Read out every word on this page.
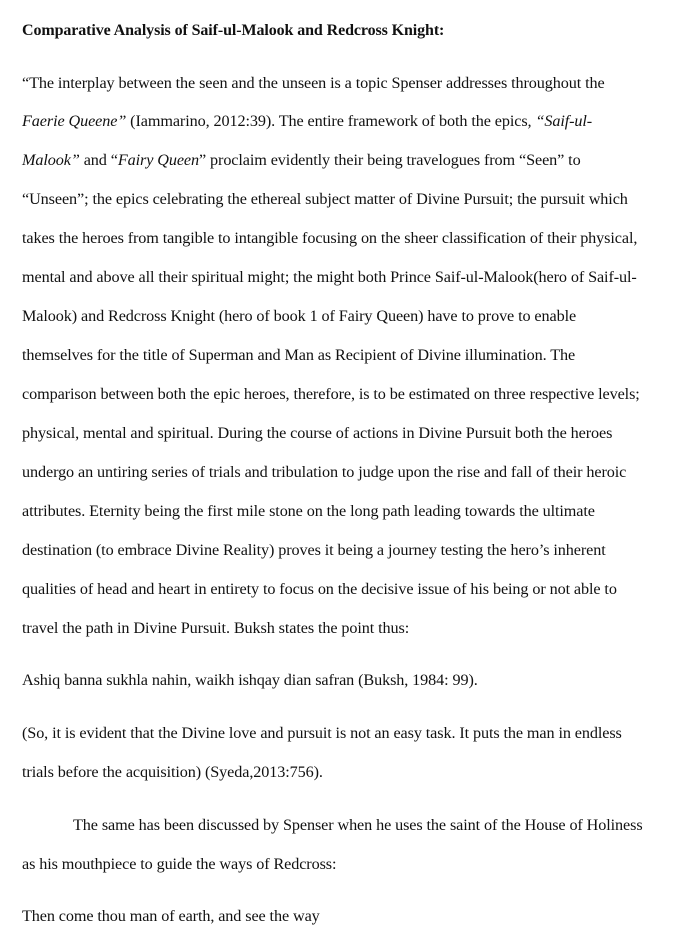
Comparative Analysis of Saif-ul-Malook and Redcross Knight:
“The interplay between the seen and the unseen is a topic Spenser addresses throughout the
Faerie Queene” (Iammarino, 2012:39). The entire framework of both the epics, “Saif-ul-
Malook” and “Fairy Queen” proclaim evidently their being travelogues from “Seen” to
“Unseen”; the epics celebrating the ethereal subject matter of Divine Pursuit; the pursuit which
takes the heroes from tangible to intangible focusing on the sheer classification of their physical,
mental and above all their spiritual might; the might both Prince Saif-ul-Malook(hero of Saif-ul-
Malook) and Redcross Knight (hero of book 1 of Fairy Queen) have to prove to enable
themselves for the title of Superman and Man as Recipient of Divine illumination. The
comparison between both the epic heroes, therefore, is to be estimated on three respective levels;
physical, mental and spiritual. During the course of actions in Divine Pursuit both the heroes
undergo an untiring series of trials and tribulation to judge upon the rise and fall of their heroic
attributes. Eternity being the first mile stone on the long path leading towards the ultimate
destination (to embrace Divine Reality) proves it being a journey testing the hero’s inherent
qualities of head and heart in entirety to focus on the decisive issue of his being or not able to
travel the path in Divine Pursuit. Buksh states the point thus:
Ashiq banna sukhla nahin, waikh ishqay dian safran (Buksh, 1984: 99).
(So, it is evident that the Divine love and pursuit is not an easy task. It puts the man in endless
trials before the acquisition) (Syeda,2013:756).
The same has been discussed by Spenser when he uses the saint of the House of Holiness
as his mouthpiece to guide the ways of Redcross:
Then come thou man of earth, and see the way
